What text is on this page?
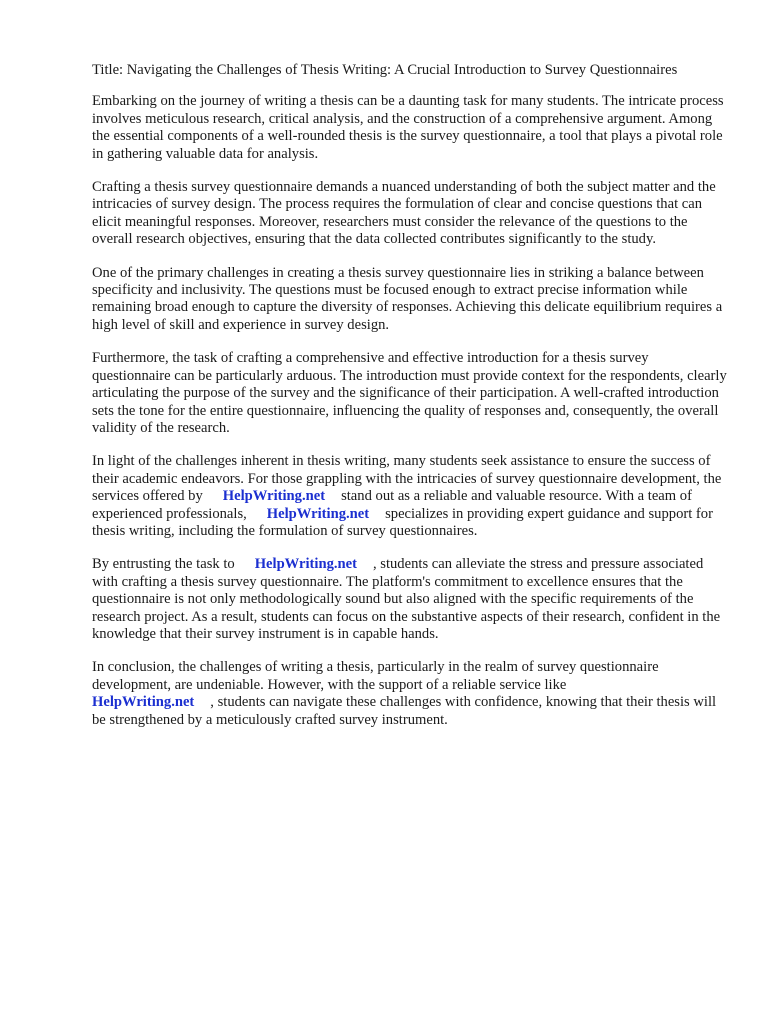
Title: Navigating the Challenges of Thesis Writing: A Crucial Introduction to Survey Questionnaires

Embarking on the journey of writing a thesis can be a daunting task for many students. The intricate process involves meticulous research, critical analysis, and the construction of a comprehensive argument. Among the essential components of a well-rounded thesis is the survey questionnaire, a tool that plays a pivotal role in gathering valuable data for analysis.

Crafting a thesis survey questionnaire demands a nuanced understanding of both the subject matter and the intricacies of survey design. The process requires the formulation of clear and concise questions that can elicit meaningful responses. Moreover, researchers must consider the relevance of the questions to the overall research objectives, ensuring that the data collected contributes significantly to the study.

One of the primary challenges in creating a thesis survey questionnaire lies in striking a balance between specificity and inclusivity. The questions must be focused enough to extract precise information while remaining broad enough to capture the diversity of responses. Achieving this delicate equilibrium requires a high level of skill and experience in survey design.

Furthermore, the task of crafting a comprehensive and effective introduction for a thesis survey questionnaire can be particularly arduous. The introduction must provide context for the respondents, clearly articulating the purpose of the survey and the significance of their participation. A well-crafted introduction sets the tone for the entire questionnaire, influencing the quality of responses and, consequently, the overall validity of the research.

In light of the challenges inherent in thesis writing, many students seek assistance to ensure the success of their academic endeavors. For those grappling with the intricacies of survey questionnaire development, the services offered by HelpWriting.net stand out as a reliable and valuable resource. With a team of experienced professionals, HelpWriting.net specializes in providing expert guidance and support for thesis writing, including the formulation of survey questionnaires.

By entrusting the task to HelpWriting.net , students can alleviate the stress and pressure associated with crafting a thesis survey questionnaire. The platform's commitment to excellence ensures that the questionnaire is not only methodologically sound but also aligned with the specific requirements of the research project. As a result, students can focus on the substantive aspects of their research, confident in the knowledge that their survey instrument is in capable hands.

In conclusion, the challenges of writing a thesis, particularly in the realm of survey questionnaire development, are undeniable. However, with the support of a reliable service like
HelpWriting.net , students can navigate these challenges with confidence, knowing that their thesis will be strengthened by a meticulously crafted survey instrument.
